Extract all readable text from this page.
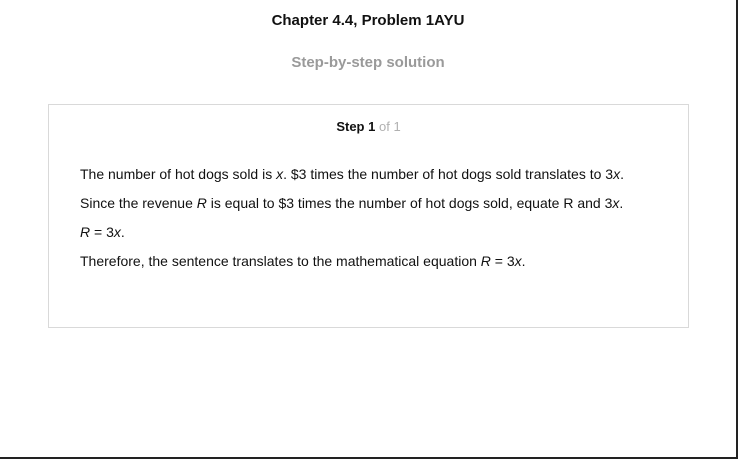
Chapter 4.4, Problem 1AYU
Step-by-step solution
Step 1 of 1

The number of hot dogs sold is x. $3 times the number of hot dogs sold translates to 3x.

Since the revenue R is equal to $3 times the number of hot dogs sold, equate R and 3x.

R = 3x.

Therefore, the sentence translates to the mathematical equation R = 3x.
